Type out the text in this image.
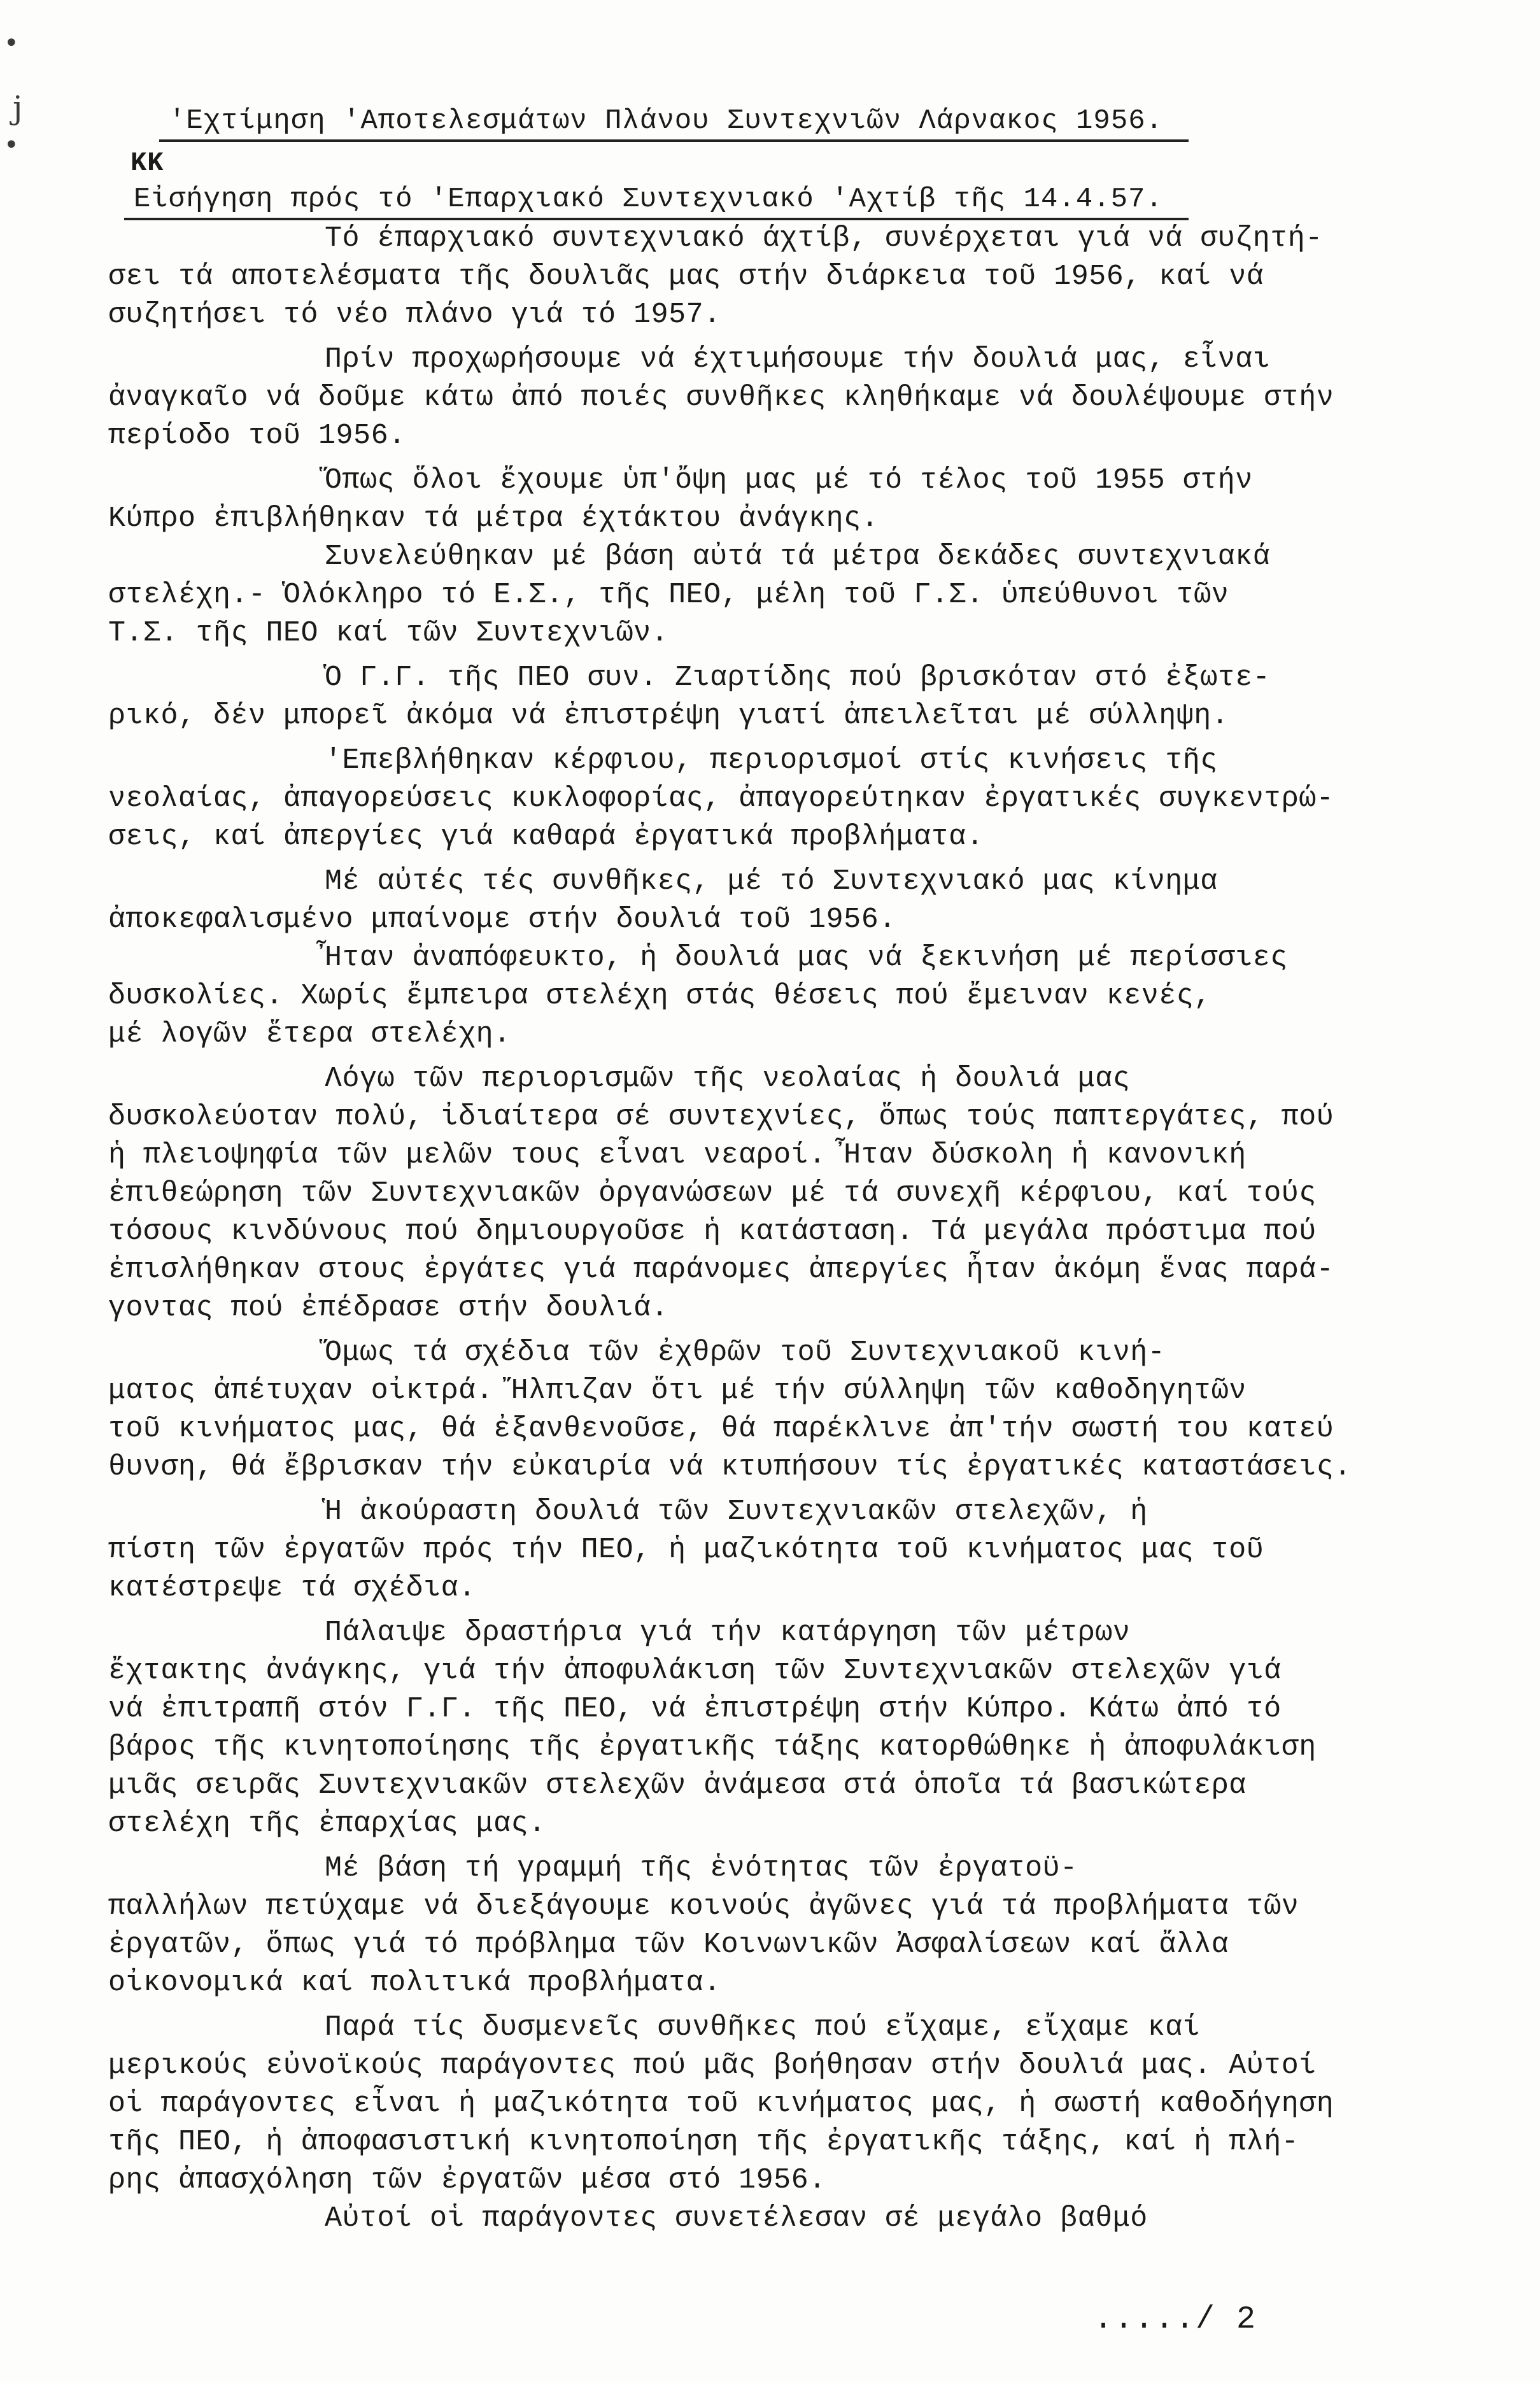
•
j
•
'Εχτίμηση 'Αποτελεσμάτων Πλάνου Συντεχνιῶν Λάρνακος 1956.
ΚΚ
Εἰσήγηση πρός τό 'Επαρχιακό Συντεχνιακό 'Αχτίβ τῆς 14.4.57.

Τό έπαρχιακό συντεχνιακό άχτίβ, συνέρχεται γιά νά συζητή-
σει τά αποτελέσματα τῆς δουλιᾶς μας στήν διάρκεια τοῦ 1956, καί νά
συζητήσει τό νέο πλάνο γιά τό 1957.

Πρίν προχωρήσουμε νά έχτιμήσουμε τήν δουλιά μας, εἶναι
ἀναγκαῖο νά δοῦμε κάτω ἀπό ποιές συνθῆκες κληθήκαμε νά δουλέψουμε στήν
περίοδο τοῦ 1956.

Ὅπως ὅλοι ἔχουμε ὑπ'ὄψη μας μέ τό τέλος τοῦ 1955 στήν
Κύπρο ἐπιβλήθηκαν τά μέτρα έχτάκτου ἀνάγκης.

Συνελεύθηκαν μέ βάση αὐτά τά μέτρα δεκάδες συντεχνιακά
στελέχη.- Ὁλόκληρο τό Ε.Σ., τῆς ΠΕΟ, μέλη τοῦ Γ.Σ. ὑπεύθυνοι τῶν
Τ.Σ. τῆς ΠΕΟ καί τῶν Συντεχνιῶν.

Ὁ Γ.Γ. τῆς ΠΕΟ συν. Ζιαρτίδης πού βρισκόταν στό ἐξωτε-
ρικό, δέν μπορεῖ ἀκόμα νά ἐπιστρέψη γιατί ἀπειλεῖται μέ σύλληψη.

'Επεβλήθηκαν κέρφιου, περιορισμοί στίς κινήσεις τῆς
νεολαίας, ἀπαγορεύσεις κυκλοφορίας, ἀπαγορεύτηκαν ἐργατικές συγκεντρώ-
σεις, καί ἀπεργίες γιά καθαρά ἐργατικά προβλήματα.

Μέ αὐτές τές συνθῆκες, μέ τό Συντεχνιακό μας κίνημα
ἀποκεφαλισμένο μπαίνομε στήν δουλιά τοῦ 1956.

Ἦταν ἀναπόφευκτο, ἡ δουλιά μας νά ξεκινήση μέ περίσσιες δυσκολίες. Χωρίς ἔμπειρα στελέχη στάς θέσεις πού ἔμειναν κενές,
μέ λογῶν ἕτερα στελέχη.

Λόγω τῶν περιορισμῶν τῆς νεολαίας ἡ δουλιά μας
δυσκολεύοταν πολύ, ἰδιαίτερα σέ συντεχνίες, ὅπως τούς παπτεργάτες, πού
ἡ πλειοψηφία τῶν μελῶν τους εἶναι νεαροί. Ἦταν δύσκολη ἡ κανονική
ἐπιθεώρηση τῶν Συντεχνιακῶν ὀργανώσεων μέ τά συνεχῆ κέρφιου, καί τούς
τόσους κινδύνους πού δημιουργοῦσε ἡ κατάσταση. Τά μεγάλα πρόστιμα πού
ἐπισλήθηκαν στους ἐργάτες γιά παράνομες ἀπεργίες ἦταν ἀκόμη ἕνας παρά-
γοντας πού ἐπέδρασε στήν δουλιά.

Ὅμως τά σχέδια τῶν ἐχθρῶν τοῦ Συντεχνιακοῦ κινή-
ματος ἀπέτυχαν οἰκτρά. Ἤλπιζαν ὅτι μέ τήν σύλληψη τῶν καθοδηγητῶν
τοῦ κινήματος μας, θά ἐξανθενοῦσε, θά παρέκλινε ἀπ'τήν σωστή του κατεύ
θυνση, θά ἔβρισκαν τήν εὐκαιρία νά κτυπήσουν τίς ἐργατικές καταστάσεις.

Ἡ ἀκούραστη δουλιά τῶν Συντεχνιακῶν στελεχῶν, ἡ
πίστη τῶν ἐργατῶν πρός τήν ΠΕΟ, ἡ μαζικότητα τοῦ κινήματος μας τοῦ
κατέστρεψε τά σχέδια.

Πάλαιψε δραστήρια γιά τήν κατάργηση τῶν μέτρων
ἔχτακτης ἀνάγκης, γιά τήν ἀποφυλάκιση τῶν Συντεχνιακῶν στελεχῶν γιά
νά ἐπιτραπῆ στόν Γ.Γ. τῆς ΠΕΟ, νά ἐπιστρέψη στήν Κύπρο. Κάτω ἀπό τό
βάρος τῆς κινητοποίησης τῆς ἐργατικῆς τάξης κατορθώθηκε ἡ ἀποφυλάκιση
μιᾶς σειρᾶς Συντεχνιακῶν στελεχῶν ἀνάμεσα στά ὁποῖα τά βασικώτερα
στελέχη τῆς ἐπαρχίας μας.

Μέ βάση τή γραμμή τῆς ἑνότητας τῶν ἐργατοϋ-
παλλήλων πετύχαμε νά διεξάγουμε κοινούς ἀγῶνες γιά τά προβλήματα τῶν
ἐργατῶν, ὅπως γιά τό πρόβλημα τῶν Κοινωνικῶν Ἀσφαλίσεων καί ἄλλα
οἰκονομικά καί πολιτικά προβλήματα.

Παρά τίς δυσμενεῖς συνθῆκες πού εἴχαμε, εἴχαμε καί
μερικούς εὐνοϊκούς παράγοντες πού μᾶς βοήθησαν στήν δουλιά μας. Αὐτοί
οἱ παράγοντες εἶναι ἡ μαζικότητα τοῦ κινήματος μας, ἡ σωστή καθοδήγηση
τῆς ΠΕΟ, ἡ ἀποφασιστική κινητοποίηση τῆς ἐργατικῆς τάξης, καί ἡ πλή-
ρης ἀπασχόληση τῶν ἐργατῶν μέσα στό 1956.

Αὐτοί οἱ παράγοντες συνετέλεσαν σέ μεγάλο βαθμό

...../ 2
